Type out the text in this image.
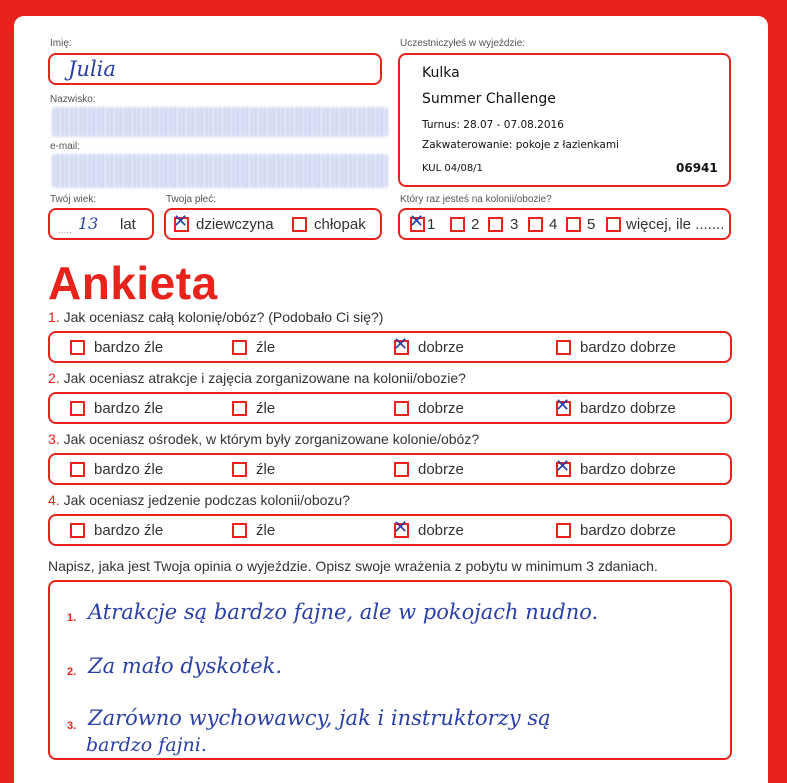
Imię:
Julia
Nazwisko:
e-mail:
Twój wiek:
..... 13 lat
Twoja płeć:
✕ dziewczyna	chłopak
Uczestniczyłeś w wyjeździe:
Kulka
Summer Challenge
Turnus: 28.07 - 07.08.2016
Zakwaterowanie: pokoje z łazienkami
KUL 04/08/1	06941
Który raz jesteś na kolonii/obozie?
✕ 1 2 3 4 5 więcej, ile .......
Ankieta
1. Jak oceniasz całą kolonię/obóz? (Podobało Ci się?)
bardzo źle	źle	✕ dobrze	bardzo dobrze
2. Jak oceniasz atrakcje i zajęcia zorganizowane na kolonii/obozie?
bardzo źle	źle	dobrze	✕ bardzo dobrze
3. Jak oceniasz ośrodek, w którym były zorganizowane kolonie/obóz?
bardzo źle	źle	dobrze	✕ bardzo dobrze
4. Jak oceniasz jedzenie podczas kolonii/obozu?
bardzo źle	źle	✕ dobrze	bardzo dobrze
Napisz, jaka jest Twoja opinia o wyjeździe. Opisz swoje wrażenia z pobytu w minimum 3 zdaniach.
1. Atrakcje są bardzo fajne, ale w pokojach nudno.
2. Za mało dyskotek.
3. Zarówno wychowawcy, jak i instruktorzy są
bardzo fajni.
